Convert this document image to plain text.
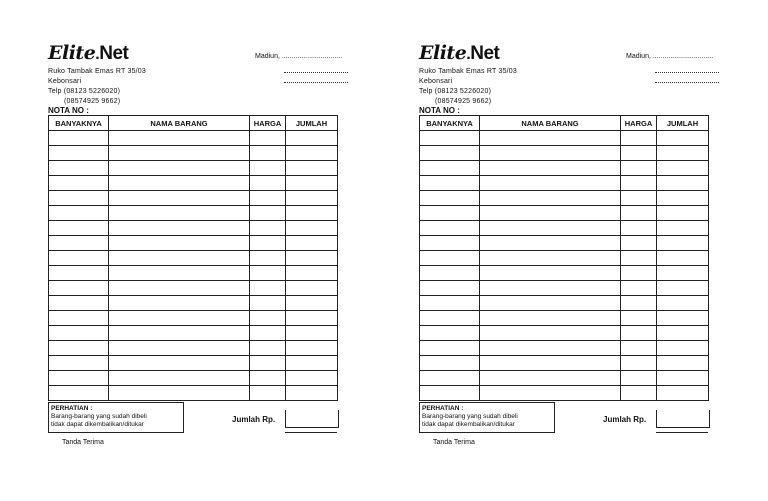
Elite.Net
Ruko Tambak Emas RT 35/03
Kebonsari
Telp (08123 5226020)
(08574925 9662)
Madiun, ...............................
NOTA NO :
BANYAKNYA	NAMA BARANG	HARGA	JUMLAH

PERHATIAN :
Barang-barang yang sudah dibeli
tidak dapat dikembalikan/ditukar
Jumlah Rp.
Tanda Terima
Elite.Net
Ruko Tambak Emas RT 35/03
Kebonsari
Telp (08123 5226020)
(08574925 9662)
Madiun, ...............................
NOTA NO :
BANYAKNYA	NAMA BARANG	HARGA	JUMLAH

PERHATIAN :
Barang-barang yang sudah dibeli
tidak dapat dikembalikan/ditukar
Jumlah Rp.
Tanda Terima
